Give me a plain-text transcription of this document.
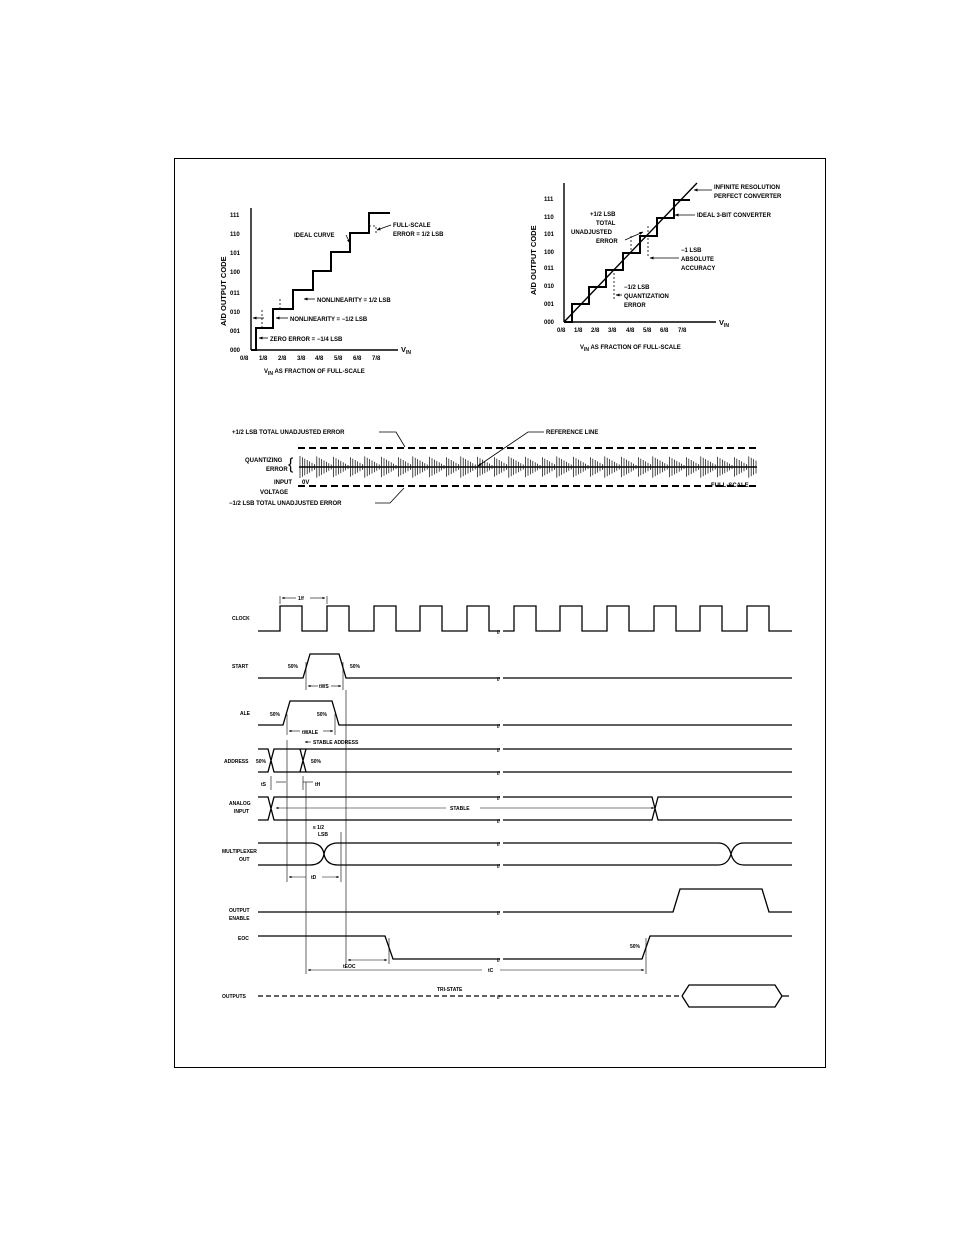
A/D OUTPUT CODE
000
001
010
011
100
101
110
111
0/8 1/8 2/8 3/8 4/8 5/8 6/8 7/8
$V_{IN}$
$V_{IN}$ AS FRACTION OF FULL-SCALE
IDEAL CURVE
FULL-SCALE
ERROR = 1/2 LSB
NONLINEARITY = 1/2 LSB
NONLINEARITY = −1/2 LSB
ZERO ERROR = −1/4 LSB
A/D OUTPUT CODE
000
001
010
011
100
101
110
111
0/8 1/8 2/8 3/8 4/8 5/8 6/8 7/8
$V_{IN}$
$V_{IN}$ AS FRACTION OF FULL-SCALE
INFINITE RESOLUTION
PERFECT CONVERTER
IDEAL 3-BIT CONVERTER
+1/2 LSB
TOTAL
UNADJUSTED
ERROR
−1 LSB
ABSOLUTE
ACCURACY
−1/2 LSB
QUANTIZATION
ERROR
+1/2 LSB TOTAL UNADJUSTED ERROR	REFERENCE LINE
QUANTIZING
ERROR {
INPUT 0V
VOLTAGE
FULL-SCALE
−1/2 LSB TOTAL UNADJUSTED ERROR
CLOCK
START
ALE
ADDRESS
ANALOG
INPUT
MULTIPLEXER
OUT
OUTPUT
ENABLE
EOC
OUTPUTS
//
1/f
//
50%	50%
tWS
//
50%	50%
tWALE
//
//
50%	50%
STABLE ADDRESS
tS	tH
//
//
STABLE
//
//
≤ 1/2
LSB
tD
//
//
50%
tEOC
tC
TRI-STATE
//
